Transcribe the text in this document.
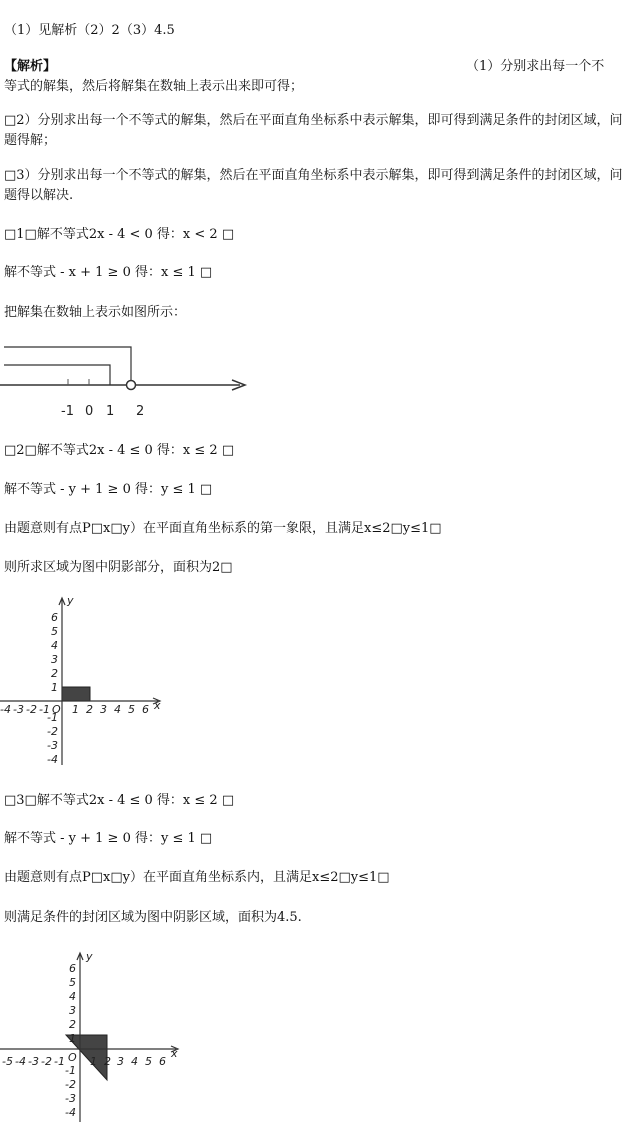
（1）见解析（2）2（3）4.5
【解析】	（1）分别求出每一个不
等式的解集，然后将解集在数轴上表示出来即可得；
□2）分别求出每一个不等式的解集，然后在平面直角坐标系中表示解集，即可得到满足条件的封闭区域，问题得解；
□3）分别求出每一个不等式的解集，然后在平面直角坐标系中表示解集，即可得到满足条件的封闭区域，问题得以解决.
□1□解不等式2x - 4 < 0 得：x < 2 □
解不等式 - x + 1 ≥ 0 得：x ≤ 1 □
把解集在数轴上表示如图所示：
-1 0 1 2
□2□解不等式2x - 4 ≤ 0 得：x ≤ 2 □
解不等式 - y + 1 ≥ 0 得：y ≤ 1 □
由题意则有点P□x□y）在平面直角坐标系的第一象限，且满足x≤2□y≤1□
则所求区域为图中阴影部分，面积为2□
-4 -3 -2 -1 O 1 2 3 4 5 6 x
6
5
4
3
2
1
-1
-2
-3
-4
y
□3□解不等式2x - 4 ≤ 0 得：x ≤ 2 □
解不等式 - y + 1 ≥ 0 得：y ≤ 1 □
由题意则有点P□x□y）在平面直角坐标系内，且满足x≤2□y≤1□
则满足条件的封闭区域为图中阴影区域，面积为4.5.
-5 -4 -3 -2 -1 O 1 2 3 4 5 6
x
6
5
4
3
2
1
-1
-2
-3
-4
y
